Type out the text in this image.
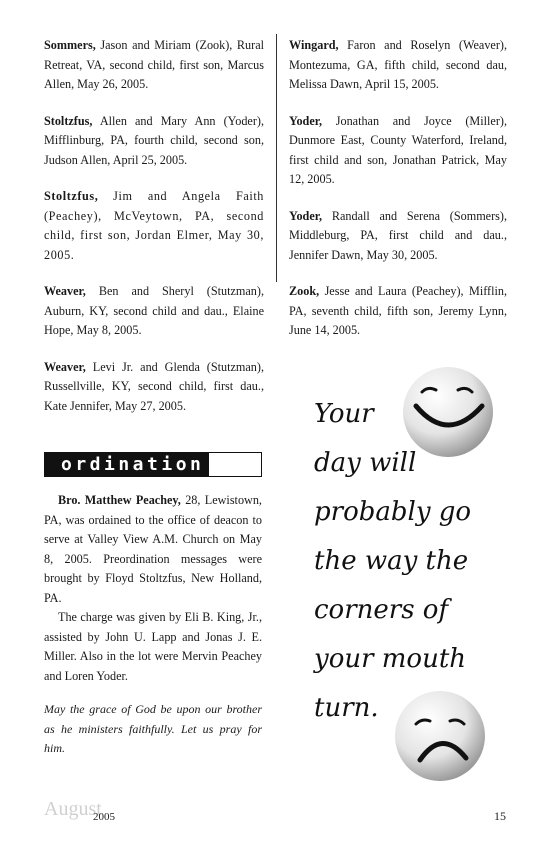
Sommers, Jason and Miriam (Zook), Rural Retreat, VA, second child, first son, Marcus Allen, May 26, 2005.

Stoltzfus, Allen and Mary Ann (Yoder), Mifflinburg, PA, fourth child, second son, Judson Allen, April 25, 2005.

Stoltzfus, Jim and Angela Faith (Peachey), McVeytown, PA, second child, first son, Jordan Elmer, May 30, 2005.

Weaver, Ben and Sheryl (Stutzman), Auburn, KY, second child and dau., Elaine Hope, May 8, 2005.

Weaver, Levi Jr. and Glenda (Stutzman), Russellville, KY, second child, first dau., Kate Jennifer, May 27, 2005.

Wingard, Faron and Roselyn (Weaver), Montezuma, GA, fifth child, second dau, Melissa Dawn, April 15, 2005.

Yoder, Jonathan and Joyce (Miller), Dunmore East, County Waterford, Ireland, first child and son, Jonathan Patrick, May 12, 2005.

Yoder, Randall and Serena (Sommers), Middleburg, PA, first child and dau., Jennifer Dawn, May 30, 2005.

Zook, Jesse and Laura (Peachey), Mifflin, PA, seventh child, fifth son, Jeremy Lynn, June 14, 2005.

ordination

Bro. Matthew Peachey, 28, Lewistown, PA, was ordained to the office of deacon to serve at Valley View A.M. Church on May 8, 2005. Preordination messages were brought by Floyd Stoltzfus, New Holland, PA.

The charge was given by Eli B. King, Jr., assisted by John U. Lapp and Jonas J. E. Miller. Also in the lot were Mervin Peachey and Loren Yoder.

May the grace of God be upon our brother as he ministers faithfully. Let us pray for him.

Your
day will
probably go
the way the
corners of
your mouth
turn.
August
2005	15
